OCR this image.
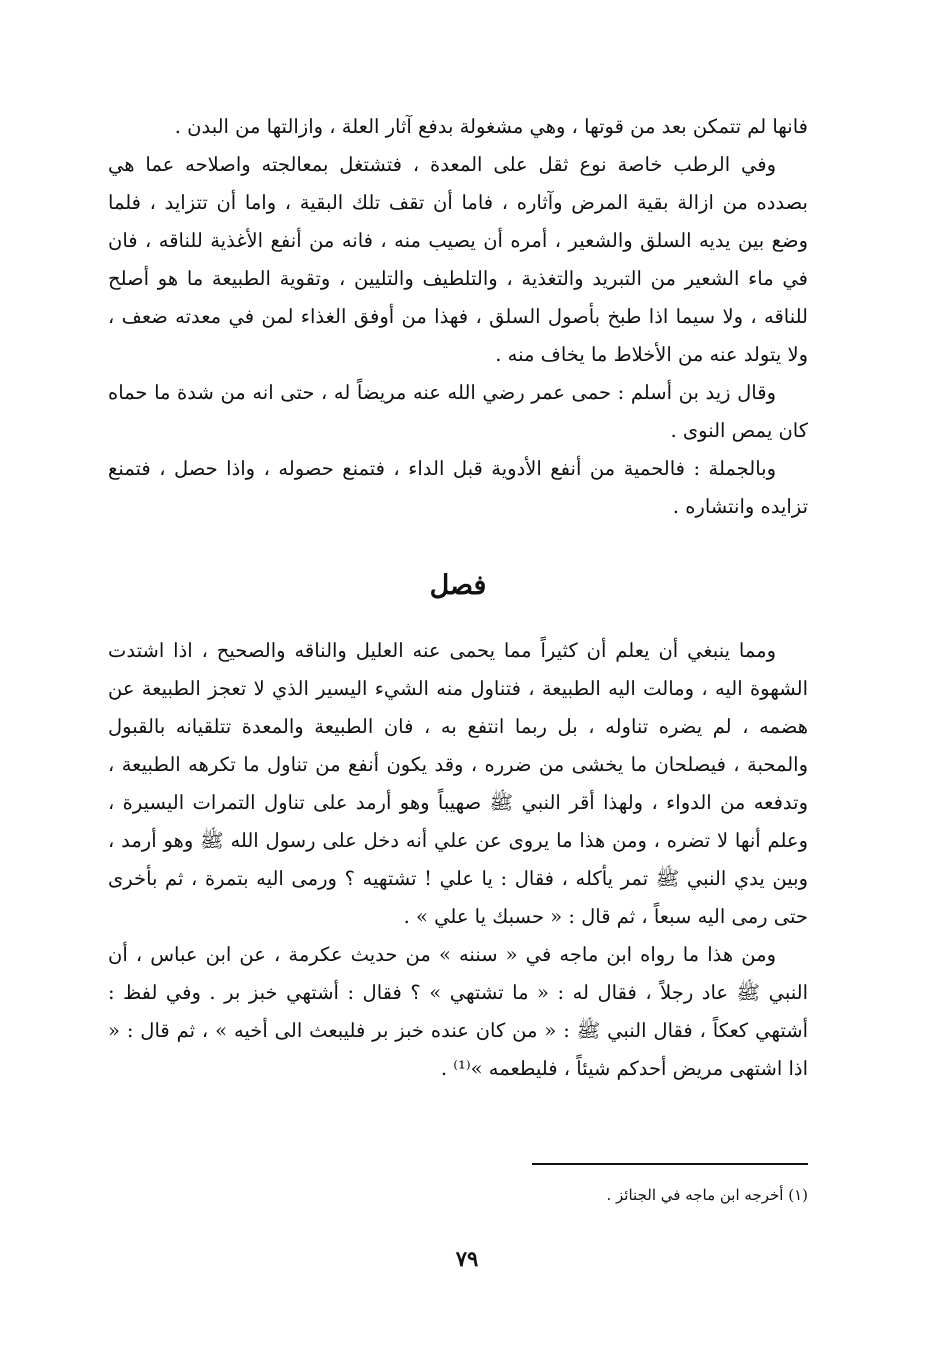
فانها لم تتمكن بعد من قوتها ، وهي مشغولة بدفع آثار العلة ، وازالتها من البدن .

وفي الرطب خاصة نوع ثقل على المعدة ، فتشتغل بمعالجته واصلاحه عما هي بصدده من ازالة بقية المرض وآثاره ، فاما أن تقف تلك البقية ، واما أن تتزايد ، فلما وضع بين يديه السلق والشعير ، أمره أن يصيب منه ، فانه من أنفع الأغذية للناقه ، فان في ماء الشعير من التبريد والتغذية ، والتلطيف والتليين ، وتقوية الطبيعة ما هو أصلح للناقه ، ولا سيما اذا طبخ بأصول السلق ، فهذا من أوفق الغذاء لمن في معدته ضعف ، ولا يتولد عنه من الأخلاط ما يخاف منه .

وقال زيد بن أسلم : حمى عمر رضي الله عنه مريضاً له ، حتى انه من شدة ما حماه كان يمص النوى .

وبالجملة : فالحمية من أنفع الأدوية قبل الداء ، فتمنع حصوله ، واذا حصل ، فتمنع تزايده وانتشاره .

فصل

ومما ينبغي أن يعلم أن كثيراً مما يحمى عنه العليل والناقه والصحيح ، اذا اشتدت الشهوة اليه ، ومالت اليه الطبيعة ، فتناول منه الشيء اليسير الذي لا تعجز الطبيعة عن هضمه ، لم يضره تناوله ، بل ربما انتفع به ، فان الطبيعة والمعدة تتلقيانه بالقبول والمحبة ، فيصلحان ما يخشى من ضرره ، وقد يكون أنفع من تناول ما تكرهه الطبيعة ، وتدفعه من الدواء ، ولهذا أقر النبي ﷺ صهيباً وهو أرمد على تناول التمرات اليسيرة ، وعلم أنها لا تضره ، ومن هذا ما يروى عن علي أنه دخل على رسول الله ﷺ وهو أرمد ، وبين يدي النبي ﷺ تمر يأكله ، فقال : يا علي ! تشتهيه ؟ ورمى اليه بتمرة ، ثم بأخرى حتى رمى اليه سبعاً ، ثم قال : « حسبك يا علي » .

ومن هذا ما رواه ابن ماجه في « سننه » من حديث عكرمة ، عن ابن عباس ، أن النبي ﷺ عاد رجلاً ، فقال له : « ما تشتهي » ؟ فقال : أشتهي خبز بر . وفي لفظ : أشتهي كعكاً ، فقال النبي ﷺ : « من كان عنده خبز بر فليبعث الى أخيه » ، ثم قال : « اذا اشتهى مريض أحدكم شيئاً ، فليطعمه »⁽¹⁾ .

(١) أخرجه ابن ماجه في الجنائز .
٧٩
